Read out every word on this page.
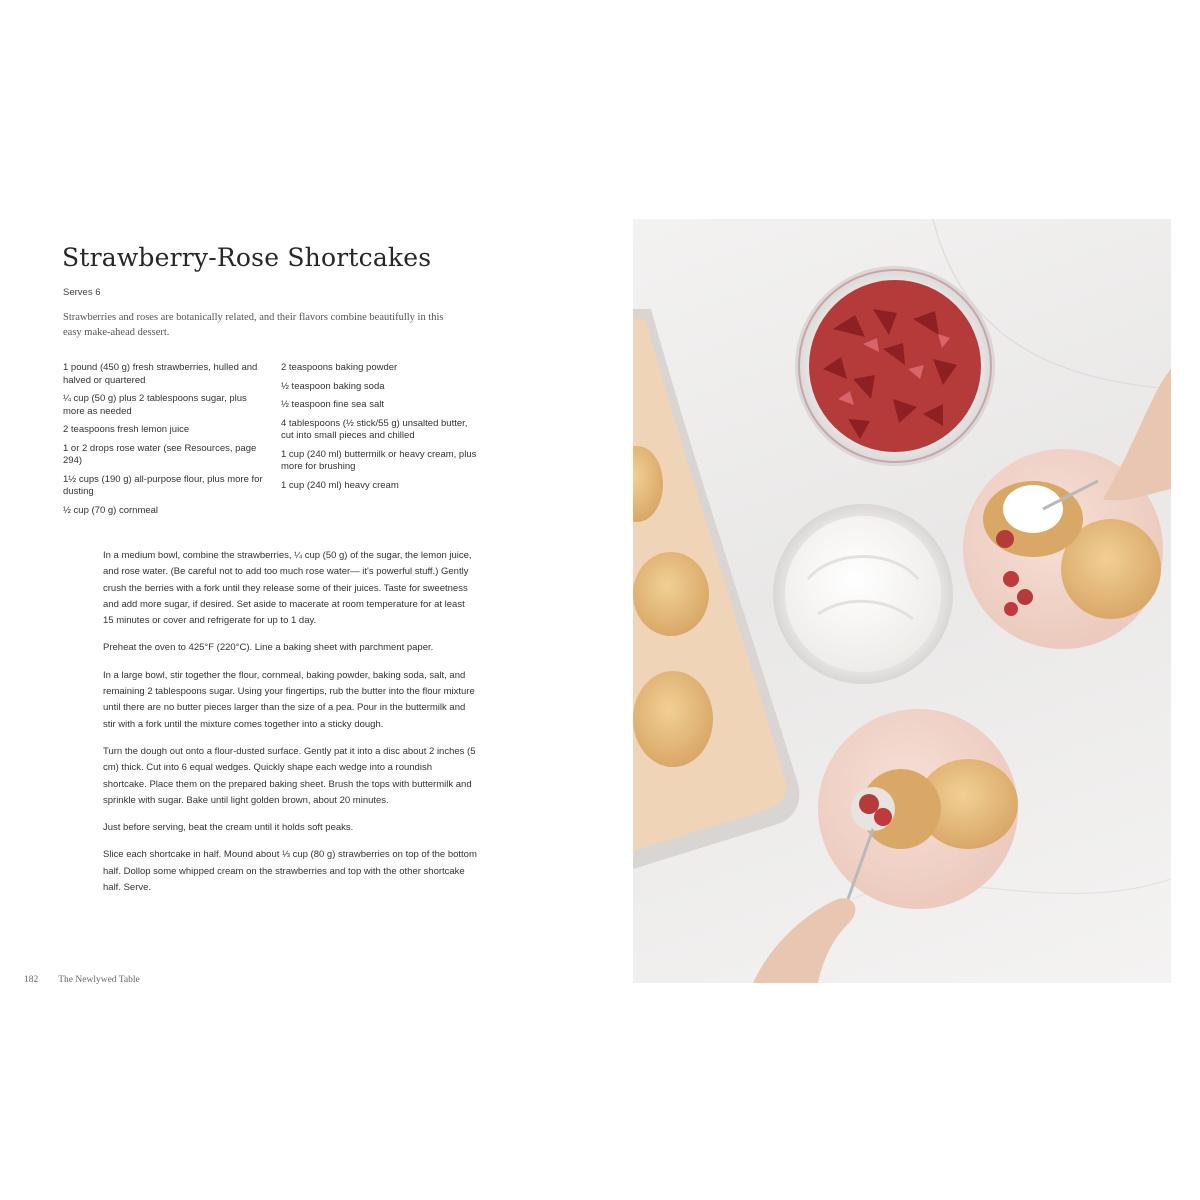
Strawberry-Rose Shortcakes
Serves 6
Strawberries and roses are botanically related, and their flavors combine beautifully in this easy make-ahead dessert.

1 pound (450 g) fresh strawberries, hulled and halved or quartered

¼ cup (50 g) plus 2 tablespoons sugar, plus more as needed

2 teaspoons fresh lemon juice

1 or 2 drops rose water (see Resources, page 294)

1½ cups (190 g) all-purpose flour, plus more for dusting

½ cup (70 g) cornmeal

2 teaspoons baking powder

½ teaspoon baking soda

½ teaspoon fine sea salt

4 tablespoons (½ stick/55 g) unsalted butter, cut into small pieces and chilled

1 cup (240 ml) buttermilk or heavy cream, plus more for brushing

1 cup (240 ml) heavy cream

In a medium bowl, combine the strawberries, ¼ cup (50 g) of the sugar, the lemon juice, and rose water. (Be careful not to add too much rose water— it's powerful stuff.) Gently crush the berries with a fork until they release some of their juices. Taste for sweetness and add more sugar, if desired. Set aside to macerate at room temperature for at least 15 minutes or cover and refrigerate for up to 1 day.

Preheat the oven to 425°F (220°C). Line a baking sheet with parchment paper.

In a large bowl, stir together the flour, cornmeal, baking powder, baking soda, salt, and remaining 2 tablespoons sugar. Using your fingertips, rub the butter into the flour mixture until there are no butter pieces larger than the size of a pea. Pour in the buttermilk and stir with a fork until the mixture comes together into a sticky dough.

Turn the dough out onto a flour-dusted surface. Gently pat it into a disc about 2 inches (5 cm) thick. Cut into 6 equal wedges. Quickly shape each wedge into a roundish shortcake. Place them on the prepared baking sheet. Brush the tops with buttermilk and sprinkle with sugar. Bake until light golden brown, about 20 minutes.

Just before serving, beat the cream until it holds soft peaks.

Slice each shortcake in half. Mound about ⅓ cup (80 g) strawberries on top of the bottom half. Dollop some whipped cream on the strawberries and top with the other shortcake half. Serve.

182 The Newlywed Table
